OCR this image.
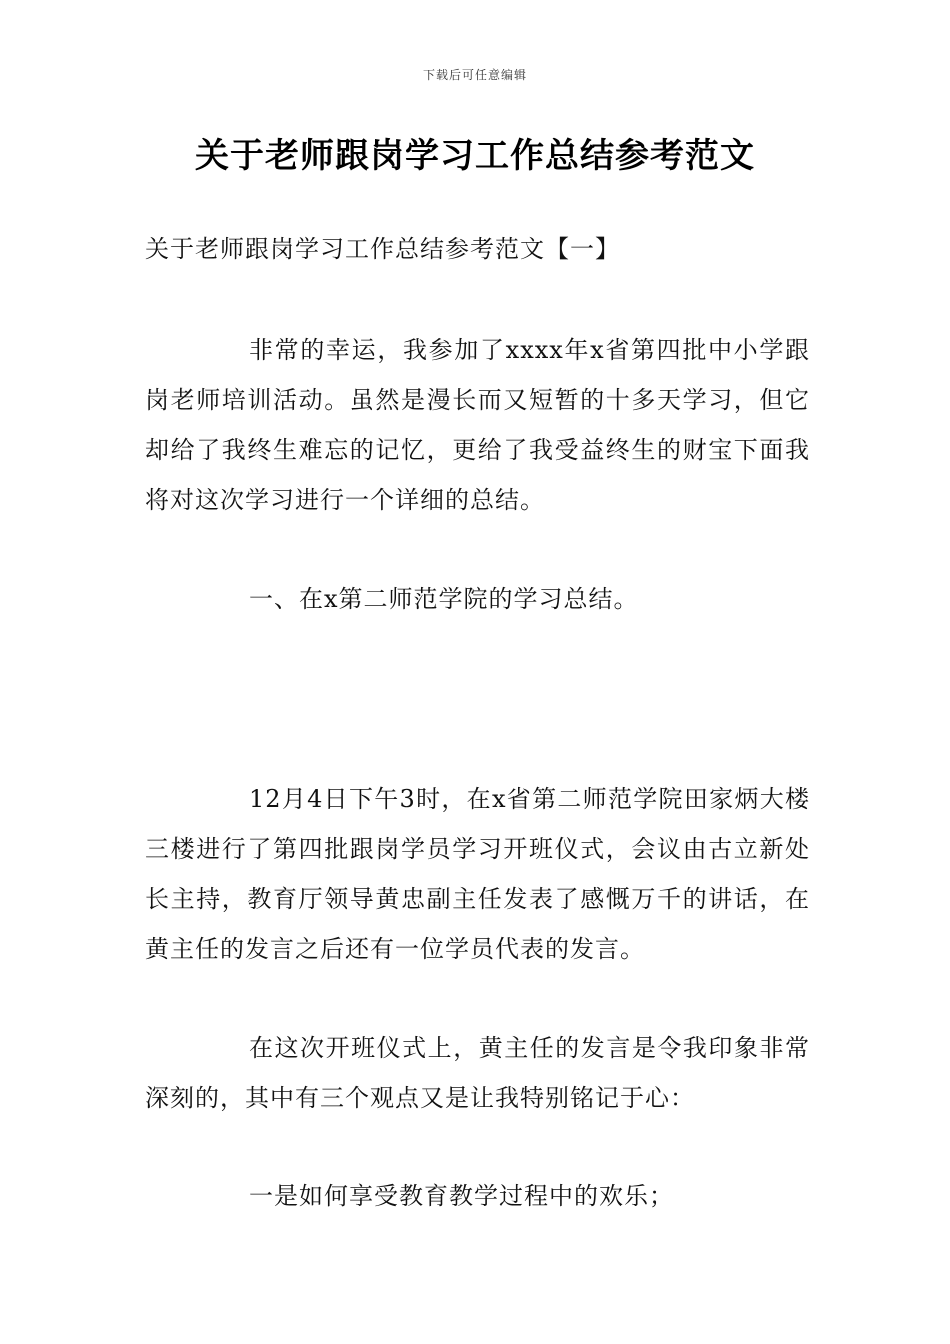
下载后可任意编辑
关于老师跟岗学习工作总结参考范文

关于老师跟岗学习工作总结参考范文【一】

非常的幸运，我参加了xxxx年x省第四批中小学跟岗老师培训活动。虽然是漫长而又短暂的十多天学习，但它却给了我终生难忘的记忆，更给了我受益终生的财宝下面我将对这次学习进行一个详细的总结。

一、在x第二师范学院的学习总结。

12月4日下午3时，在x省第二师范学院田家炳大楼三楼进行了第四批跟岗学员学习开班仪式，会议由古立新处长主持，教育厅领导黄忠副主任发表了感慨万千的讲话，在黄主任的发言之后还有一位学员代表的发言。

在这次开班仪式上，黄主任的发言是令我印象非常深刻的，其中有三个观点又是让我特别铭记于心：

一是如何享受教育教学过程中的欢乐；
